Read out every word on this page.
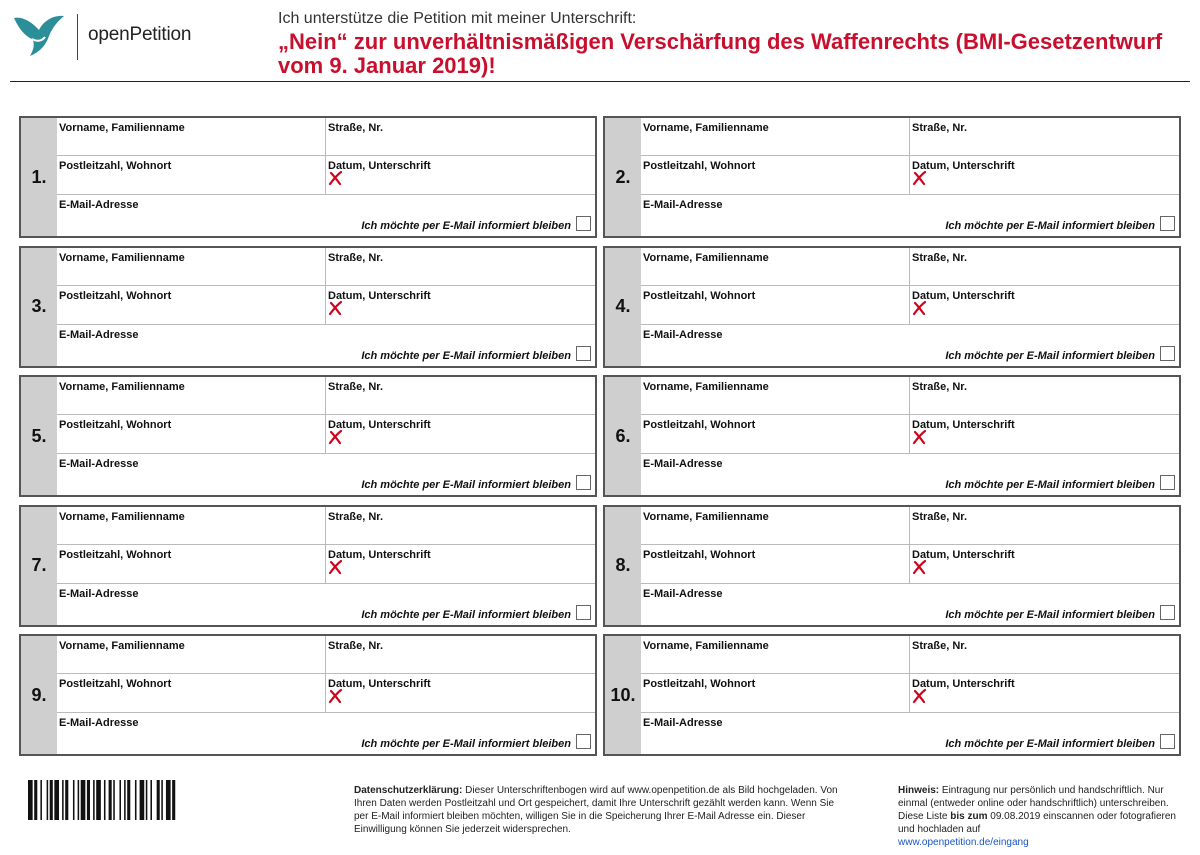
openPetition
Ich unterstütze die Petition mit meiner Unterschrift:
„Nein“ zur unverhältnismäßigen Verschärfung des Waffenrechts (BMI-Gesetzentwurf vom 9. Januar 2019)!
1.
Vorname, Familienname	Straße, Nr.
Postleitzahl, Wohnort	Datum, Unterschrift
E-Mail-Adresse
Ich möchte per E-Mail informiert bleiben
2.
Vorname, Familienname	Straße, Nr.
Postleitzahl, Wohnort	Datum, Unterschrift
E-Mail-Adresse
Ich möchte per E-Mail informiert bleiben
3.
Vorname, Familienname	Straße, Nr.
Postleitzahl, Wohnort	Datum, Unterschrift
E-Mail-Adresse
Ich möchte per E-Mail informiert bleiben
4.
Vorname, Familienname	Straße, Nr.
Postleitzahl, Wohnort	Datum, Unterschrift
E-Mail-Adresse
Ich möchte per E-Mail informiert bleiben
5.
Vorname, Familienname	Straße, Nr.
Postleitzahl, Wohnort	Datum, Unterschrift
E-Mail-Adresse
Ich möchte per E-Mail informiert bleiben
6.
Vorname, Familienname	Straße, Nr.
Postleitzahl, Wohnort	Datum, Unterschrift
E-Mail-Adresse
Ich möchte per E-Mail informiert bleiben
7.
Vorname, Familienname	Straße, Nr.
Postleitzahl, Wohnort	Datum, Unterschrift
E-Mail-Adresse
Ich möchte per E-Mail informiert bleiben
8.
Vorname, Familienname	Straße, Nr.
Postleitzahl, Wohnort	Datum, Unterschrift
E-Mail-Adresse
Ich möchte per E-Mail informiert bleiben
9.
Vorname, Familienname	Straße, Nr.
Postleitzahl, Wohnort	Datum, Unterschrift
E-Mail-Adresse
Ich möchte per E-Mail informiert bleiben
10.
Vorname, Familienname	Straße, Nr.
Postleitzahl, Wohnort	Datum, Unterschrift
E-Mail-Adresse
Ich möchte per E-Mail informiert bleiben
Datenschutzerklärung: Dieser Unterschriftenbogen wird auf www.openpetition.de als Bild hochgeladen. Von Ihren Daten werden Postleitzahl und Ort gespeichert, damit Ihre Unterschrift gezählt werden kann. Wenn Sie per E-Mail informiert bleiben möchten, willigen Sie in die Speicherung Ihrer E-Mail Adresse ein. Dieser Einwilligung können Sie jederzeit widersprechen.
Hinweis: Eintragung nur persönlich und handschriftlich. Nur einmal (entweder online oder handschriftlich) unterschreiben. Diese Liste bis zum 09.08.2019 einscannen oder fotografieren und hochladen auf
www.openpetition.de/eingang
